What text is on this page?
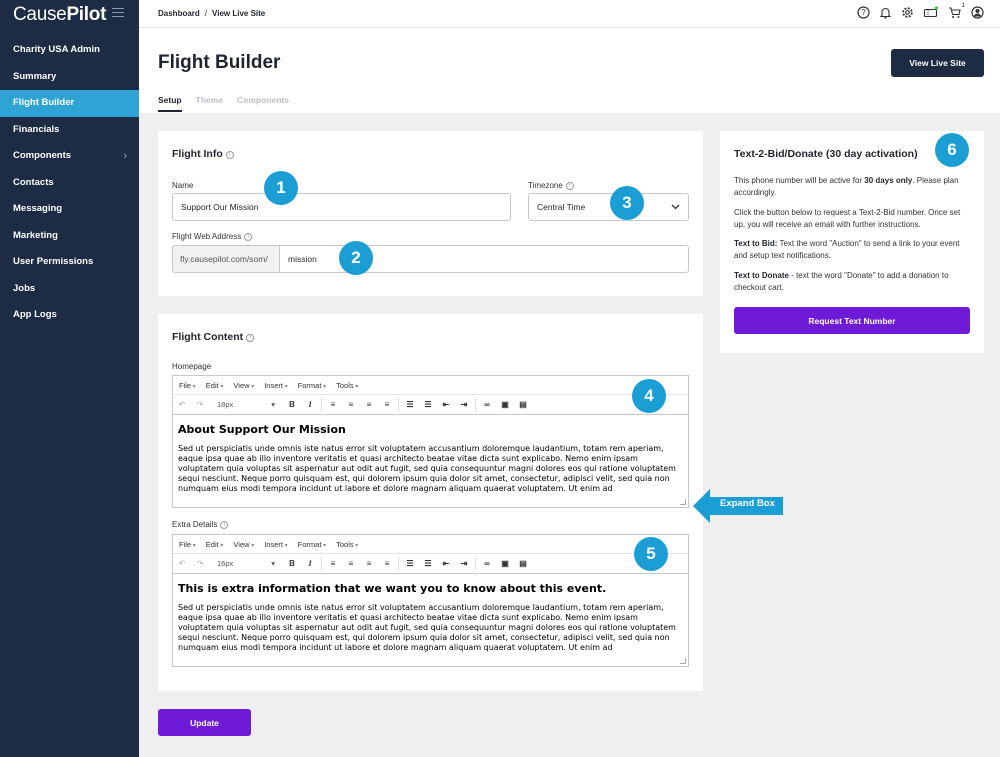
CausePilot
Charity USA Admin
Summary
Flight Builder
Financials
Components	›
Contacts
Messaging
Marketing
User Permissions
Jobs
App Logs
Dashboard / View Live Site	?
1
Flight Builder	View Live Site
Setup Theme Components
Flight Info i
Name
Support Our Mission
Timezone i
Central Time
Flight Web Address i
fly.causepilot.com/som/	mission
Flight Content i
Homepage
File ▾	Edit ▾	View ▾	Insert ▾	Format ▾	Tools ▾
↶	↷	18px	▾	B	I	≡	≡	≡	≡	☰	☰	⇤	⇥	∞	▣	▤
About Support Our Mission
Sed ut perspiciatis unde omnis iste natus error sit voluptatem accusantium doloremque laudantium, totam rem aperiam, eaque ipsa quae ab illo inventore veritatis et quasi architecto beatae vitae dicta sunt explicabo. Nemo enim ipsam voluptatem quia voluptas sit aspernatur aut odit aut fugit, sed quia consequuntur magni dolores eos qui ratione voluptatem sequi nesciunt. Neque porro quisquam est, qui dolorem ipsum quia dolor sit amet, consectetur, adipisci velit, sed quia non numquam eius modi tempora incidunt ut labore et dolore magnam aliquam quaerat voluptatem. Ut enim ad
Extra Details i
File ▾	Edit ▾	View ▾	Insert ▾	Format ▾	Tools ▾
↶	↷	16px	▾	B	I	≡	≡	≡	≡	☰	☰	⇤	⇥	∞	▣	▤
This is extra information that we want you to know about this event.
Sed ut perspiciatis unde omnis iste natus error sit voluptatem accusantium doloremque laudantium, totam rem aperiam, eaque ipsa quae ab illo inventore veritatis et quasi architecto beatae vitae dicta sunt explicabo. Nemo enim ipsam voluptatem quia voluptas sit aspernatur aut odit aut fugit, sed quia consequuntur magni dolores eos qui ratione voluptatem sequi nesciunt. Neque porro quisquam est, qui dolorem ipsum quia dolor sit amet, consectetur, adipisci velit, sed quia non numquam eius modi tempora incidunt ut labore et dolore magnam aliquam quaerat voluptatem. Ut enim ad
Expand Box
Update
Text-2-Bid/Donate (30 day activation)
This phone number will be active for 30 days only. Please plan accordingly.
Click the button below to request a Text-2-Bid number. Once set up, you will receive an email with further instructions.
Text to Bid: Text the word "Auction" to send a link to your event and setup text notifications.
Text to Donate - text the word "Donate" to add a donation to checkout cart.
Request Text Number
1
2
3
4
5
6
